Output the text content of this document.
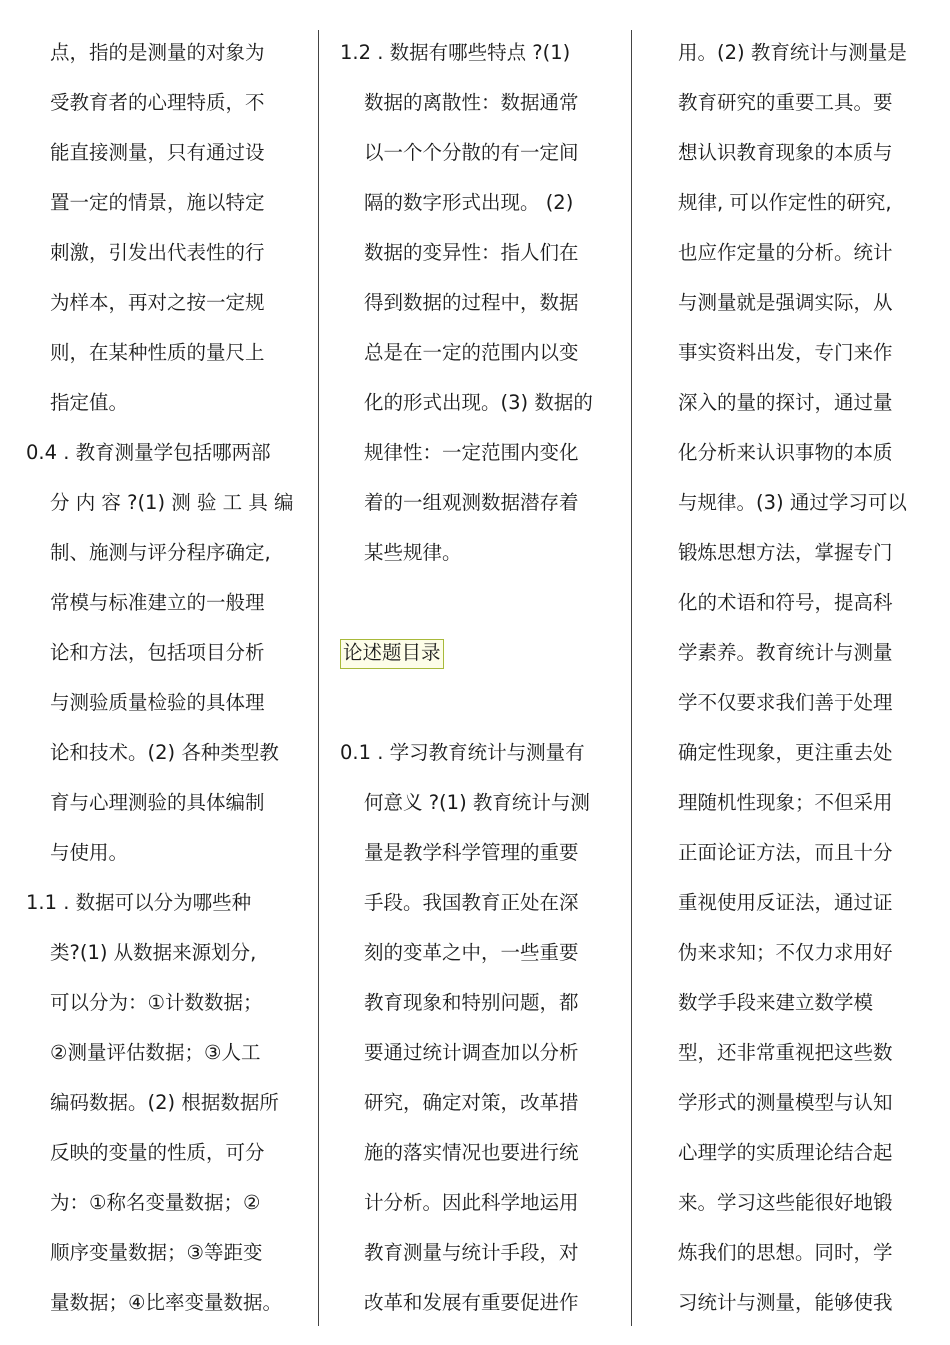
点，指的是测量的对象为
受教育者的心理特质，不
能直接测量，只有通过设
置一定的情景，施以特定
刺激，引发出代表性的行
为样本，再对之按一定规
则，在某种性质的量尺上
指定值。
0.4 . 教育测量学包括哪两部
分 内 容 ?(1) 测 验 工 具 编
制、施测与评分程序确定,
常模与标准建立的一般理
论和方法，包括项目分析
与测验质量检验的具体理
论和技术。(2) 各种类型教
育与心理测验的具体编制
与使用。
1.1 . 数据可以分为哪些种
类?(1) 从数据来源划分,
可以分为：①计数数据；
②测量评估数据；③人工
编码数据。(2) 根据数据所
反映的变量的性质，可分
为：①称名变量数据；②
顺序变量数据；③等距变
量数据；④比率变量数据。
1.2 . 数据有哪些特点 ?(1)
数据的离散性：数据通常
以一个个分散的有一定间
隔的数字形式出现。 (2)
数据的变异性：指人们在
得到数据的过程中，数据
总是在一定的范围内以变
化的形式出现。(3) 数据的
规律性：一定范围内变化
着的一组观测数据潜存着
某些规律。
论述题目录
0.1 . 学习教育统计与测量有
何意义 ?(1) 教育统计与测
量是教学科学管理的重要
手段。我国教育正处在深
刻的变革之中，一些重要
教育现象和特别问题，都
要通过统计调查加以分析
研究，确定对策，改革措
施的落实情况也要进行统
计分析。因此科学地运用
教育测量与统计手段，对
改革和发展有重要促进作
用。(2) 教育统计与测量是
教育研究的重要工具。要
想认识教育现象的本质与
规律, 可以作定性的研究,
也应作定量的分析。统计
与测量就是强调实际，从
事实资料出发，专门来作
深入的量的探讨，通过量
化分析来认识事物的本质
与规律。(3) 通过学习可以
锻炼思想方法，掌握专门
化的术语和符号，提高科
学素养。教育统计与测量
学不仅要求我们善于处理
确定性现象，更注重去处
理随机性现象；不但采用
正面论证方法，而且十分
重视使用反证法，通过证
伪来求知；不仅力求用好
数学手段来建立数学模
型，还非常重视把这些数
学形式的测量模型与认知
心理学的实质理论结合起
来。学习这些能很好地锻
炼我们的思想。同时，学
习统计与测量，能够使我
